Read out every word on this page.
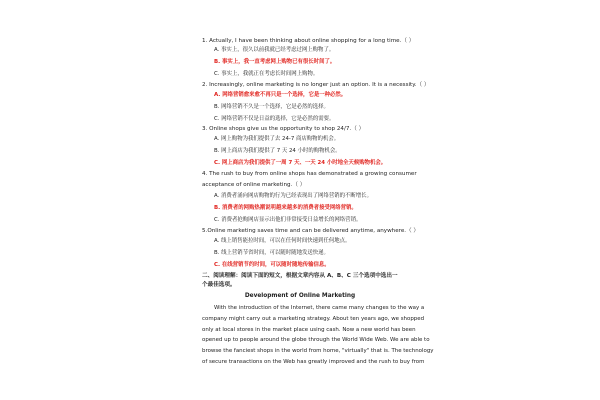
1. Actually, I have been thinking about online shopping for a long time.（ ）
A. 事实上，很久以前我就已经考虑过网上购物了。
B. 事实上，我一直考虑网上购物已有很长时间了。
C. 事实上，我就正在考虑长时间网上购物。
2. Increasingly, online marketing is no longer just an option. It is a necessity.（ ）
A. 网络营销愈来愈不再只是一个选择，它是一种必然。
B. 网络营销不久是一个选择，它是必然的选择。
C. 网络营销不仅是日益的选择，它是必然的需要。
3. Online shops give us the opportunity to shop 24/7.（ ）
A. 网上购物为我们提供了去 24-7 商店购物的机会。
B. 网上商店为我们提供了 7 天 24 小时的购物机会。
C. 网上商店为我们提供了一周 7 天、一天 24 小时地全天候购物机会。
4. The rush to buy from online shops has demonstrated a growing consumer
acceptance of online marketing.（ ）
A. 消费者涌向网店购物的行为已经表现出了网络营销的不断增长。
B. 消费者的网购热潮说明越来越多的消费者接受网络营销。
C. 消费者抢购网店显示出他们非常接受日益增长的网络营销。
5.Online marketing saves time and can be delivered anytime, anywhere.（ ）
A. 线上销售能拉时间，可以在任何时间快速到任何地点。
B. 线上营销节省时间，可以随时随地发送快递。
C. 在线营销节约时间，可以随时随地传输信息。
二、阅读理解：阅读下面的短文，根据文章内容从 A、B、C 三个选项中选出一
个最佳选项。
Development of Online Marketing
With the introduction of the Internet, there came many changes to the way a
company might carry out a marketing strategy. About ten years ago, we shopped
only at local stores in the market place using cash. Now a new world has been
opened up to people around the globe through the World Wide Web. We are able to
browse the fanciest shops in the world from home, "virtually" that is. The technology
of secure transactions on the Web has greatly improved and the rush to buy from
